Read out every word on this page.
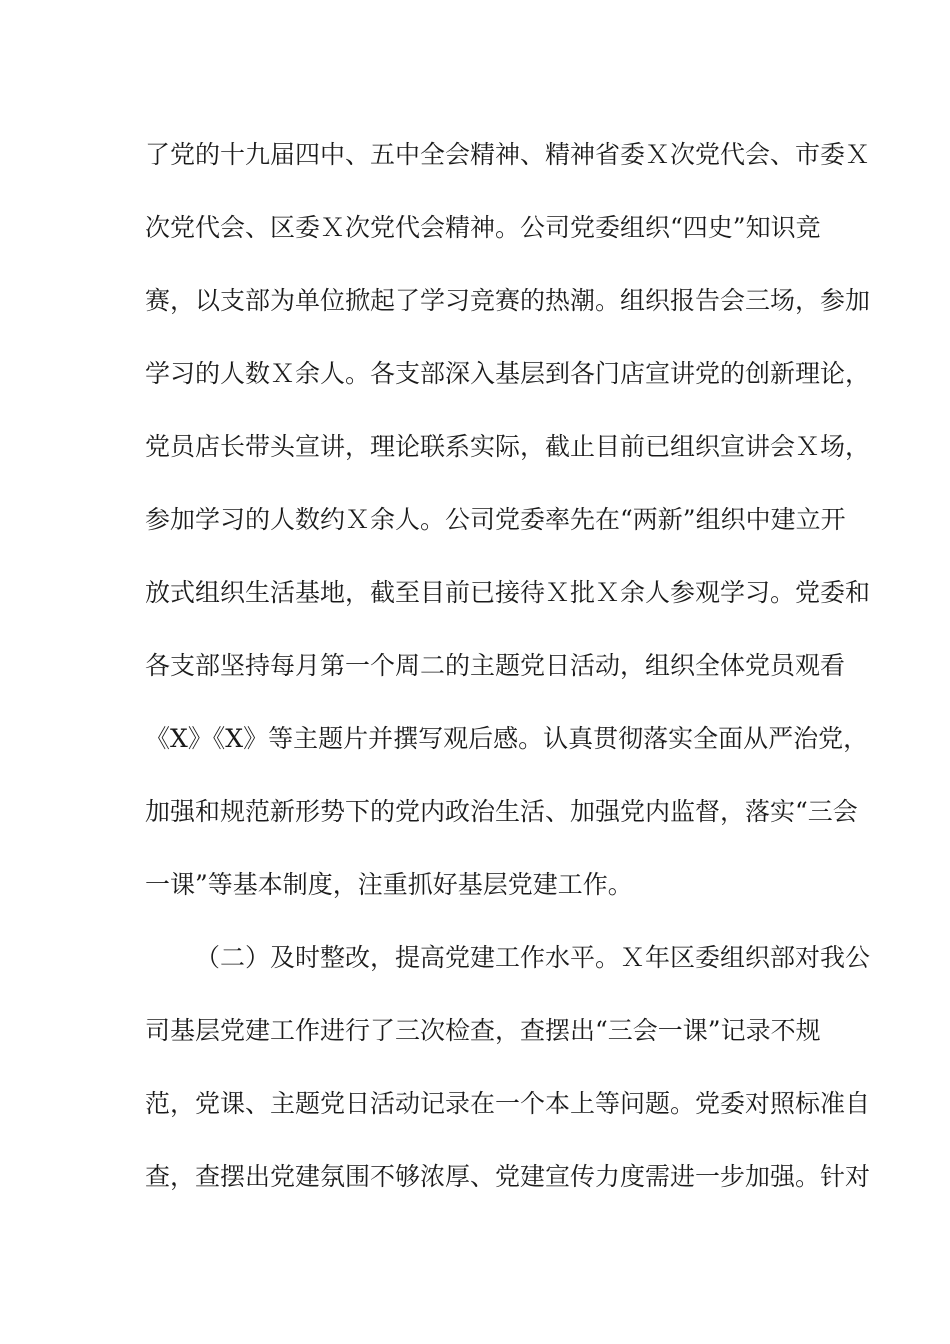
了党的十九届四中、五中全会精神、精神省委Ｘ次党代会、市委Ｘ
次党代会、区委Ｘ次党代会精神。公司党委组织“四史”知识竞
赛，以支部为单位掀起了学习竞赛的热潮。组织报告会三场，参加
学习的人数Ｘ余人。各支部深入基层到各门店宣讲党的创新理论，
党员店长带头宣讲，理论联系实际，截止目前已组织宣讲会Ｘ场，
参加学习的人数约Ｘ余人。公司党委率先在“两新”组织中建立开
放式组织生活基地，截至目前已接待Ｘ批Ｘ余人参观学习。党委和
各支部坚持每月第一个周二的主题党日活动，组织全体党员观看
《X》《X》等主题片并撰写观后感。认真贯彻落实全面从严治党，
加强和规范新形势下的党内政治生活、加强党内监督，落实“三会
一课”等基本制度，注重抓好基层党建工作。
（二）及时整改，提高党建工作水平。Ｘ年区委组织部对我公
司基层党建工作进行了三次检查，查摆出“三会一课”记录不规
范，党课、主题党日活动记录在一个本上等问题。党委对照标准自
查，查摆出党建氛围不够浓厚、党建宣传力度需进一步加强。针对
